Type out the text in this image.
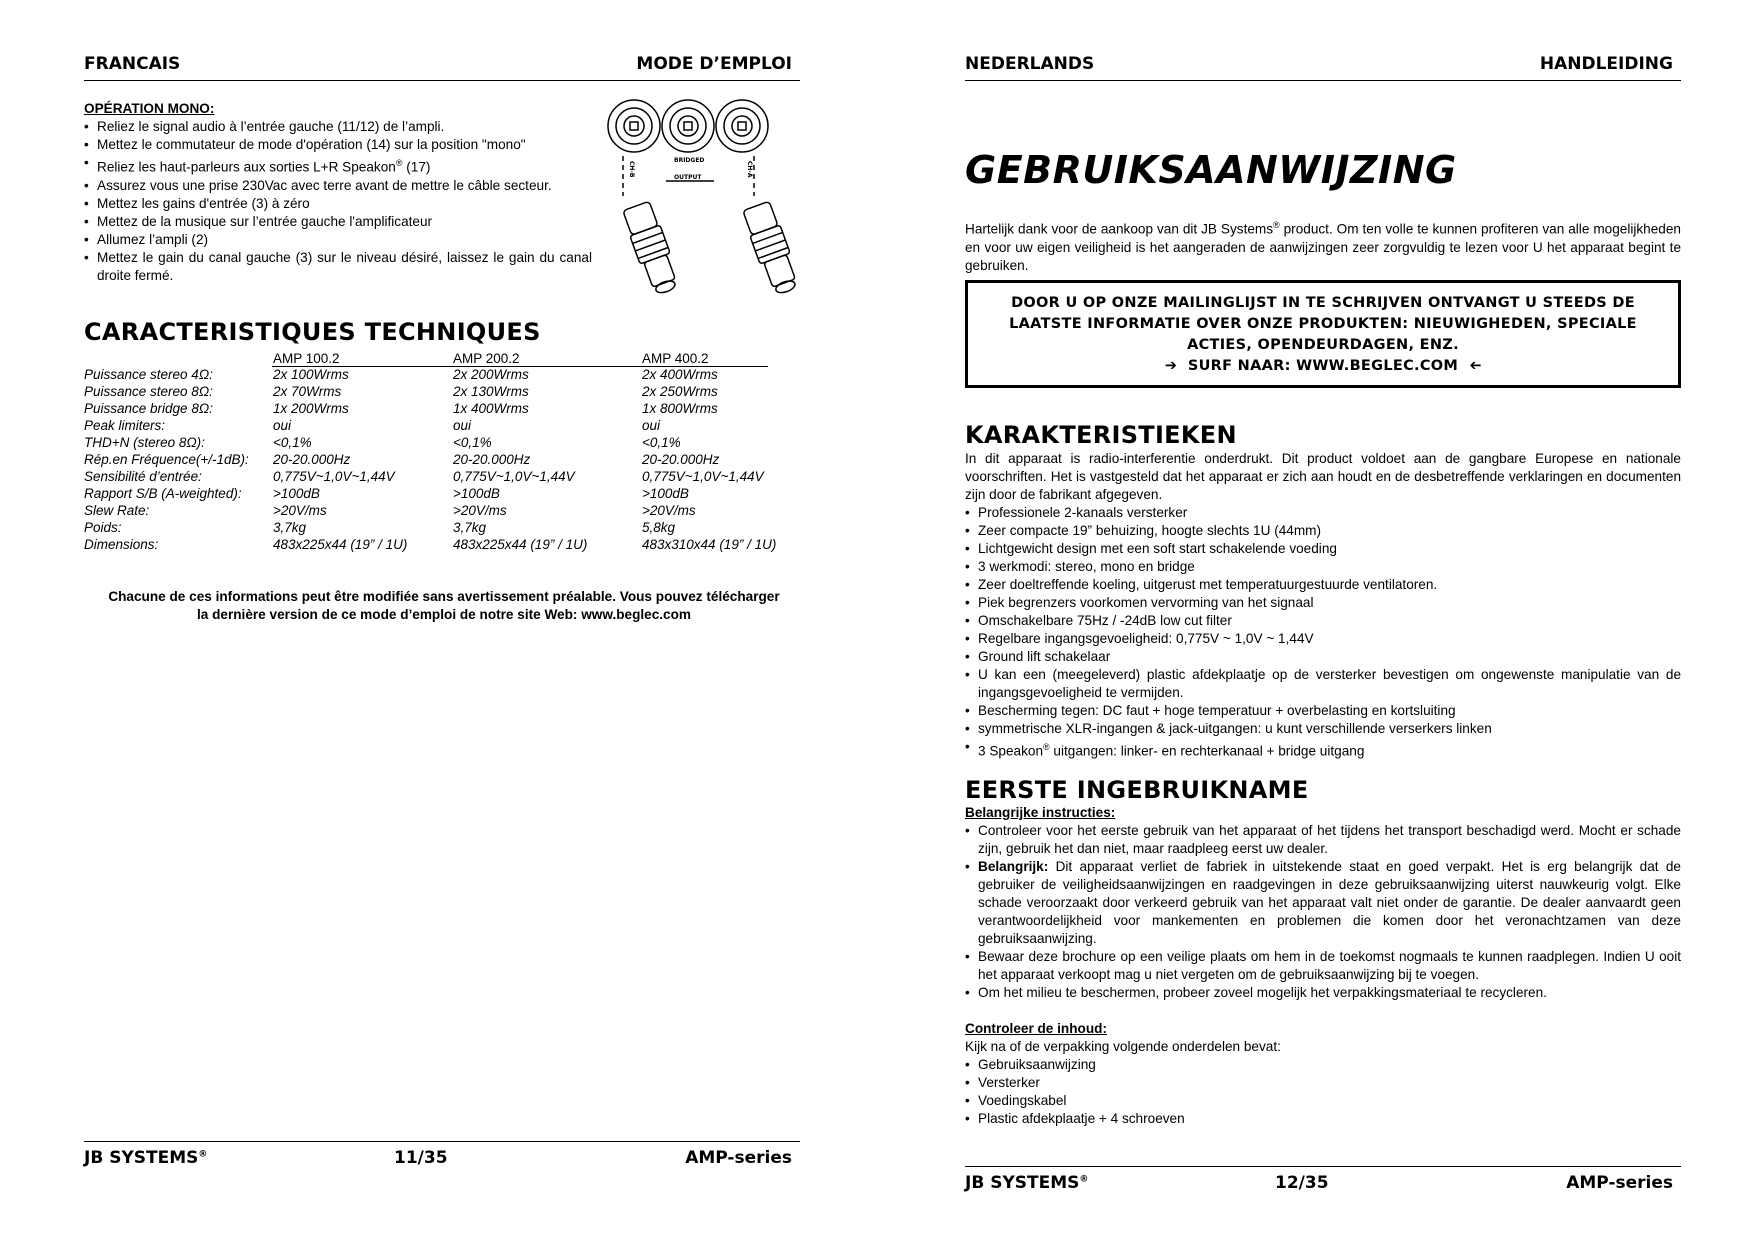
FRANCAIS	MODE D’EMPLOI
OPÉRATION MONO:
• Reliez le signal audio à l’entrée gauche (11/12) de l’ampli.
• Mettez le commutateur de mode d'opération (14) sur la position "mono"
• Reliez les haut-parleurs aux sorties L+R Speakon® (17)
• Assurez vous une prise 230Vac avec terre avant de mettre le câble secteur.
• Mettez les gains d'entrée (3) à zéro
• Mettez de la musique sur l’entrée gauche l'amplificateur
• Allumez l’ampli (2)
• Mettez le gain du canal gauche (3) sur le niveau désiré, laissez le gain du canal droite fermé.
CH-B
BRIDGED
CH-A
OUTPUT
CARACTERISTIQUES TECHNIQUES
AMP 100.2	AMP 200.2	AMP 400.2
Puissance stereo 4Ω:	2x 100Wrms	2x 200Wrms	2x 400Wrms
Puissance stereo 8Ω:	2x 70Wrms	2x 130Wrms	2x 250Wrms
Puissance bridge 8Ω:	1x 200Wrms	1x 400Wrms	1x 800Wrms
Peak limiters:	oui	oui	oui
THD+N (stereo 8Ω):	<0,1%	<0,1%	<0,1%
Rép.en Fréquence(+/-1dB): 20-20.000Hz	20-20.000Hz	20-20.000Hz
Sensibilité d’entrée:	0,775V~1,0V~1,44V	0,775V~1,0V~1,44V	0,775V~1,0V~1,44V
Rapport S/B (A-weighted): >100dB	>100dB	>100dB
Slew Rate:	>20V/ms	>20V/ms	>20V/ms
Poids:	3,7kg	3,7kg	5,8kg
Dimensions:	483x225x44 (19” / 1U)	483x225x44 (19” / 1U)	483x310x44 (19” / 1U)
Chacune de ces informations peut être modifiée sans avertissement préalable. Vous pouvez télécharger la dernière version de ce mode d’emploi de notre site Web: www.beglec.com
JB SYSTEMS®	11/35	AMP-series
NEDERLANDS	HANDLEIDING
GEBRUIKSAANWIJZING
Hartelijk dank voor de aankoop van dit JB Systems® product. Om ten volle te kunnen profiteren van alle mogelijkheden en voor uw eigen veiligheid is het aangeraden de aanwijzingen zeer zorgvuldig te lezen voor U het apparaat begint te gebruiken.
DOOR U OP ONZE MAILINGLIJST IN TE SCHRIJVEN ONTVANGT U STEEDS DE
LAATSTE INFORMATIE OVER ONZE PRODUKTEN: NIEUWIGHEDEN, SPECIALE
ACTIES, OPENDEURDAGEN, ENZ.
➔ SURF NAAR: WWW.BEGLEC.COM ➔
KARAKTERISTIEKEN
In dit apparaat is radio-interferentie onderdrukt. Dit product voldoet aan de gangbare Europese en nationale voorschriften. Het is vastgesteld dat het apparaat er zich aan houdt en de desbetreffende verklaringen en documenten zijn door de fabrikant afgegeven.
• Professionele 2-kanaals versterker
• Zeer compacte 19” behuizing, hoogte slechts 1U (44mm)
• Lichtgewicht design met een soft start schakelende voeding
• 3 werkmodi: stereo, mono en bridge
• Zeer doeltreffende koeling, uitgerust met temperatuurgestuurde ventilatoren.
• Piek begrenzers voorkomen vervorming van het signaal
• Omschakelbare 75Hz / -24dB low cut filter
• Regelbare ingangsgevoeligheid: 0,775V ~ 1,0V ~ 1,44V
• Ground lift schakelaar
• U kan een (meegeleverd) plastic afdekplaatje op de versterker bevestigen om ongewenste manipulatie van de ingangsgevoeligheid te vermijden.
• Bescherming tegen: DC faut + hoge temperatuur + overbelasting en kortsluiting
• symmetrische XLR-ingangen & jack-uitgangen: u kunt verschillende verserkers linken
• 3 Speakon® uitgangen: linker- en rechterkanaal + bridge uitgang
EERSTE INGEBRUIKNAME
Belangrijke instructies:
• Controleer voor het eerste gebruik van het apparaat of het tijdens het transport beschadigd werd. Mocht er schade zijn, gebruik het dan niet, maar raadpleeg eerst uw dealer.
• Belangrijk: Dit apparaat verliet de fabriek in uitstekende staat en goed verpakt. Het is erg belangrijk dat de gebruiker de veiligheidsaanwijzingen en raadgevingen in deze gebruiksaanwijzing uiterst nauwkeurig volgt. Elke schade veroorzaakt door verkeerd gebruik van het apparaat valt niet onder de garantie. De dealer aanvaardt geen verantwoordelijkheid voor mankementen en problemen die komen door het veronachtzamen van deze gebruiksaanwijzing.
• Bewaar deze brochure op een veilige plaats om hem in de toekomst nogmaals te kunnen raadplegen. Indien U ooit het apparaat verkoopt mag u niet vergeten om de gebruiksaanwijzing bij te voegen.
• Om het milieu te beschermen, probeer zoveel mogelijk het verpakkingsmateriaal te recycleren.
Controleer de inhoud:
Kijk na of de verpakking volgende onderdelen bevat:
• Gebruiksaanwijzing
• Versterker
• Voedingskabel
• Plastic afdekplaatje + 4 schroeven
JB SYSTEMS®	12/35	AMP-series
